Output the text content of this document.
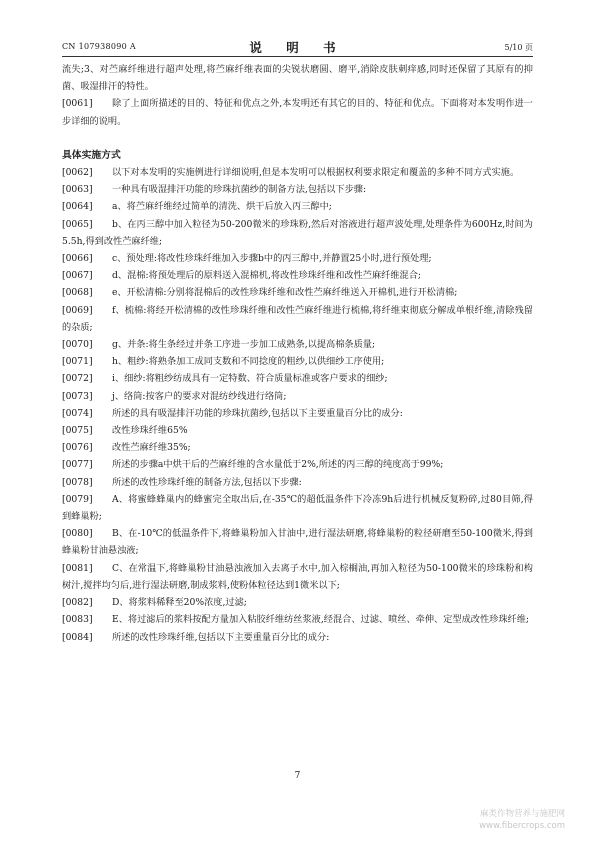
CN 107938090 A	说 明 书	5/10 页

流失;3、对苎麻纤维进行超声处理,将苎麻纤维表面的尖锐状磨圆、磨平,消除皮肤刺痒感,同时还保留了其原有的抑菌、吸湿排汗的特性。

[0061] 除了上面所描述的目的、特征和优点之外,本发明还有其它的目的、特征和优点。下面将对本发明作进一步详细的说明。

具体实施方式

[0062] 以下对本发明的实施例进行详细说明,但是本发明可以根据权利要求限定和覆盖的多种不同方式实施。

[0063] 一种具有吸湿排汗功能的珍珠抗菌纱的制备方法,包括以下步骤:

[0064] a、将苎麻纤维经过简单的清洗、烘干后放入丙三醇中;

[0065] b、在丙三醇中加入粒径为50-200微米的珍珠粉,然后对溶液进行超声波处理,处理条件为600Hz,时间为5.5h,得到改性苎麻纤维;

[0066] c、预处理:将改性珍珠纤维加入步骤b中的丙三醇中,并静置25小时,进行预处理;

[0067] d、混棉:将预处理后的原料送入混棉机,将改性珍珠纤维和改性苎麻纤维混合;

[0068] e、开松清棉:分别将混棉后的改性珍珠纤维和改性苎麻纤维送入开棉机,进行开松清棉;

[0069] f、梳棉:将经开松清棉的改性珍珠纤维和改性苎麻纤维进行梳棉,将纤维束彻底分解成单根纤维,清除残留的杂质;

[0070] g、并条:将生条经过并条工序进一步加工成熟条,以提高棉条质量;

[0071] h、粗纱:将熟条加工成同支数和不同捻度的粗纱,以供细纱工序使用;

[0072] i、细纱:将粗纱纺成具有一定特数、符合质量标准或客户要求的细纱;

[0073] j、络筒:按客户的要求对混纺纱线进行络筒;

[0074] 所述的具有吸湿排汗功能的珍珠抗菌纱,包括以下主要重量百分比的成分:

[0075] 改性珍珠纤维65%

[0076] 改性苎麻纤维35%;

[0077] 所述的步骤a中烘干后的苎麻纤维的含水量低于2%,所述的丙三醇的纯度高于99%;

[0078] 所述的改性珍珠纤维的制备方法,包括以下步骤:

[0079] A、将蜜蜂蜂巢内的蜂蜜完全取出后,在-35℃的超低温条件下冷冻9h后进行机械反复粉碎,过80目筛,得到蜂巢粉;

[0080] B、在-10℃的低温条件下,将蜂巢粉加入甘油中,进行湿法研磨,将蜂巢粉的粒径研磨至50-100微米,得到蜂巢粉甘油悬浊液;

[0081] C、在常温下,将蜂巢粉甘油悬浊液加入去离子水中,加入棕榈油,再加入粒径为50-100微米的珍珠粉和构树汁,搅拌均匀后,进行湿法研磨,制成浆料,使粉体粒径达到1微米以下;

[0082] D、将浆料稀释至20%浓度,过滤;

[0083] E、将过滤后的浆料按配方量加入粘胶纤维纺丝浆液,经混合、过滤、喷丝、牵伸、定型成改性珍珠纤维;

[0084] 所述的改性珍珠纤维,包括以下主要重量百分比的成分:

7
麻类作物营养与施肥网
www.fibercrops.com
